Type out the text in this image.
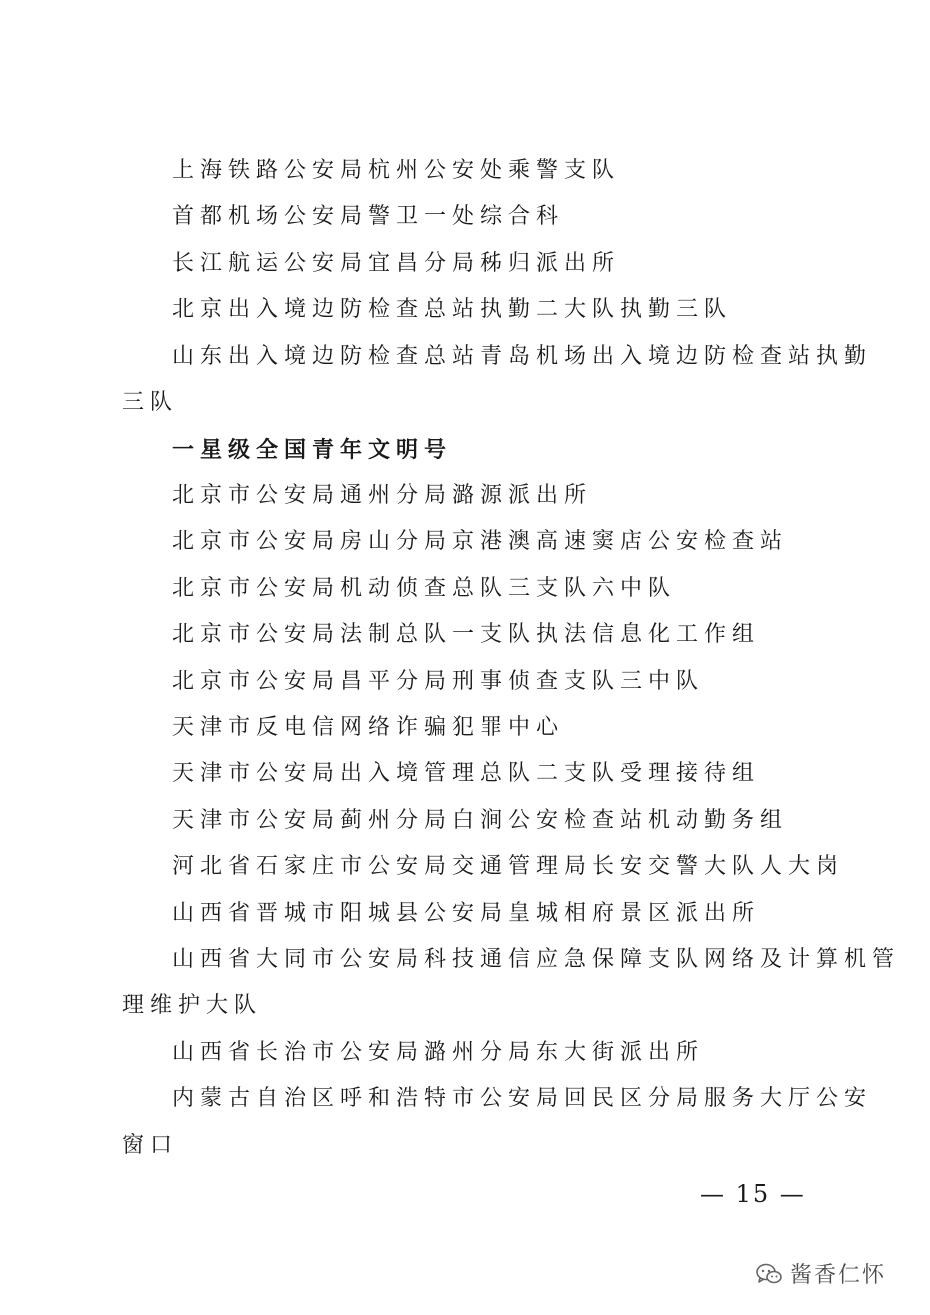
上海铁路公安局杭州公安处乘警支队
首都机场公安局警卫一处综合科
长江航运公安局宜昌分局秭归派出所
北京出入境边防检查总站执勤二大队执勤三队
山东出入境边防检查总站青岛机场出入境边防检查站执勤
三队
一星级全国青年文明号
北京市公安局通州分局潞源派出所
北京市公安局房山分局京港澳高速窦店公安检查站
北京市公安局机动侦查总队三支队六中队
北京市公安局法制总队一支队执法信息化工作组
北京市公安局昌平分局刑事侦查支队三中队
天津市反电信网络诈骗犯罪中心
天津市公安局出入境管理总队二支队受理接待组
天津市公安局蓟州分局白涧公安检查站机动勤务组
河北省石家庄市公安局交通管理局长安交警大队人大岗
山西省晋城市阳城县公安局皇城相府景区派出所
山西省大同市公安局科技通信应急保障支队网络及计算机管
理维护大队
山西省长治市公安局潞州分局东大街派出所
内蒙古自治区呼和浩特市公安局回民区分局服务大厅公安
窗口
— 15 —
酱香仁怀
